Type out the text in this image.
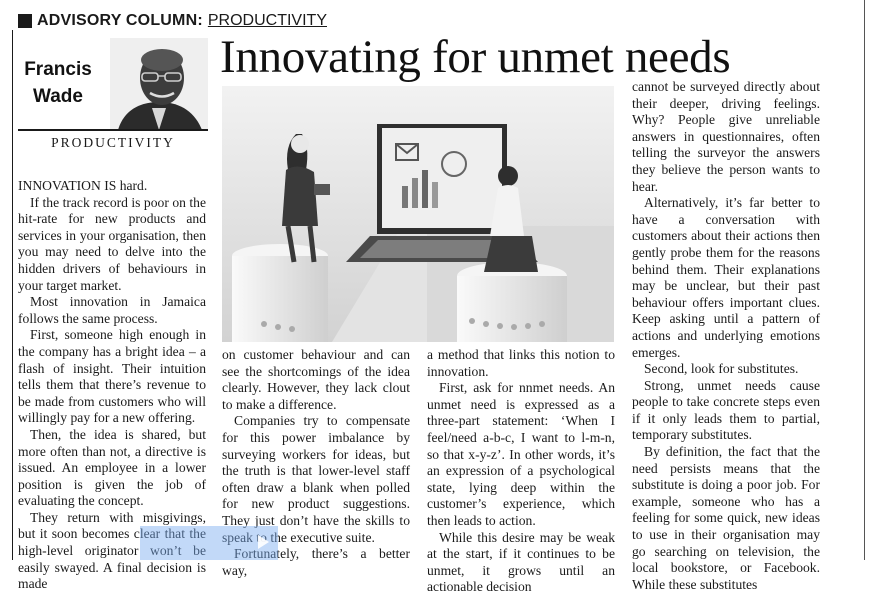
ADVISORY COLUMN: PRODUCTIVITY
Francis
Wade
PRODUCTIVITY
Innovating for unmet needs

INNOVATION IS hard.

If the track record is poor on the hit-rate for new products and services in your organisation, then you may need to delve into the hidden drivers of behaviours in your target market.

Most innovation in Jamaica follows the same process.

First, someone high enough in the company has a bright idea – a flash of insight. Their intuition tells them that there’s revenue to be made from customers who will willingly pay for a new offering.

Then, the idea is shared, but more often than not, a directive is issued. An employee in a lower position is given the job of evaluating the concept.

They return with misgivings, but it soon becomes clear that the high-level originator won’t be easily swayed. A final decision is made

on customer behaviour and can see the shortcomings of the idea clearly. However, they lack clout to make a difference.

Companies try to compensate for this power imbalance by surveying workers for ideas, but the truth is that lower-level staff often draw a blank when polled for new product suggestions. They just don’t have the skills to speak to the executive suite.

Fortunately, there’s a better way,

a method that links this notion to innovation.

First, ask for nnmet needs. An unmet need is expressed as a three-part statement: ‘When I feel/need a-b-c, I want to l-m-n, so that x-y-z’. In other words, it’s an expression of a psychological state, lying deep within the customer’s experience, which then leads to action.

While this desire may be weak at the start, if it continues to be unmet, it grows until an actionable decision

cannot be surveyed directly about their deeper, driving feelings. Why? People give unreliable answers in questionnaires, often telling the surveyor the answers they believe the person wants to hear.

Alternatively, it’s far better to have a conversation with customers about their actions then gently probe them for the reasons behind them. Their explanations may be unclear, but their past behaviour offers important clues. Keep asking until a pattern of actions and underlying emotions emerges.

Second, look for substitutes.

Strong, unmet needs cause people to take concrete steps even if it only leads them to partial, temporary substitutes.

By definition, the fact that the need persists means that the substitute is doing a poor job. For example, someone who has a feeling for some quick, new ideas to use in their organisation may go searching on television, the local bookstore, or Facebook. While these substitutes
